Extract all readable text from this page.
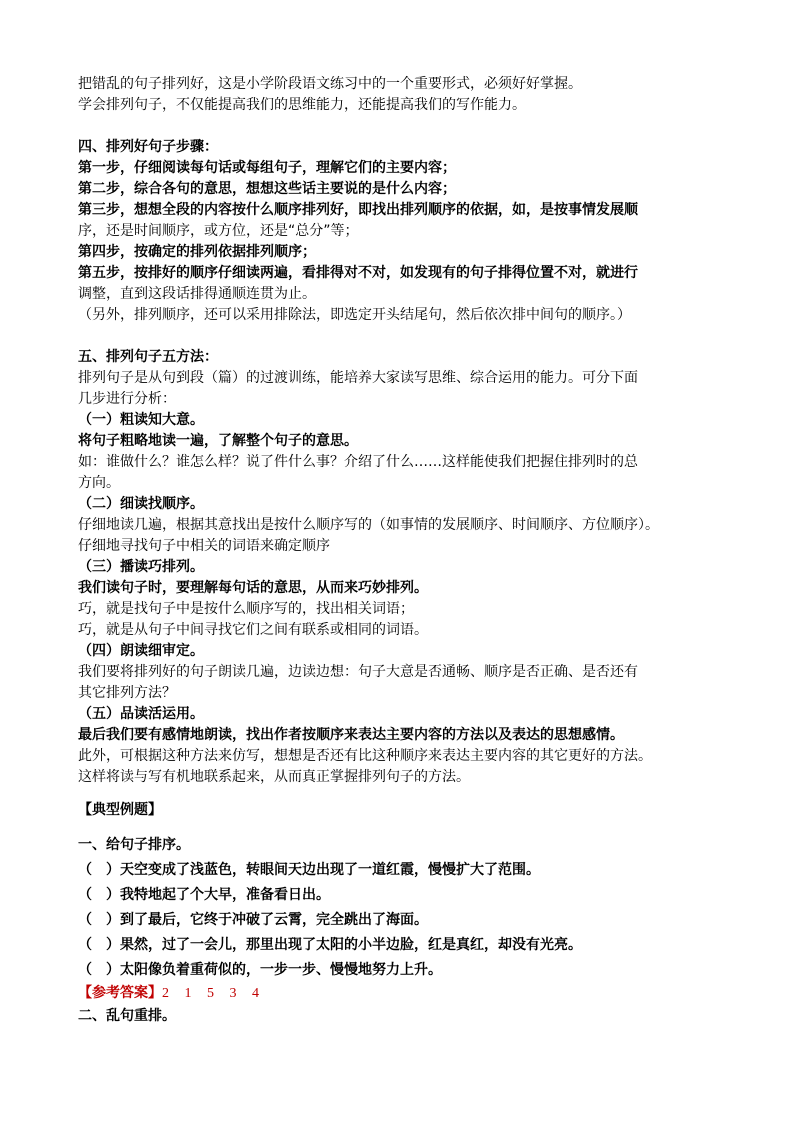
把错乱的句子排列好，这是小学阶段语文练习中的一个重要形式，必须好好掌握。
学会排列句子，不仅能提高我们的思维能力，还能提高我们的写作能力。
四、排列好句子步骤：
第一步，仔细阅读每句话或每组句子，理解它们的主要内容；
第二步，综合各句的意思，想想这些话主要说的是什么内容；
第三步，想想全段的内容按什么顺序排列好，即找出排列顺序的依据，如，是按事情发展顺
序，还是时间顺序，或方位，还是“总分”等；
第四步，按确定的排列依据排列顺序；
第五步，按排好的顺序仔细读两遍，看排得对不对，如发现有的句子排得位置不对，就进行
调整，直到这段话排得通顺连贯为止。
（另外，排列顺序，还可以采用排除法，即选定开头结尾句，然后依次排中间句的顺序。）
五、排列句子五方法：
排列句子是从句到段（篇）的过渡训练，能培养大家读写思维、综合运用的能力。可分下面
几步进行分析：
（一）粗读知大意。
将句子粗略地读一遍，了解整个句子的意思。
如：谁做什么？谁怎么样？说了件什么事？介绍了什么……这样能使我们把握住排列时的总
方向。
（二）细读找顺序。
仔细地读几遍，根据其意找出是按什么顺序写的（如事情的发展顺序、时间顺序、方位顺序）。
仔细地寻找句子中相关的词语来确定顺序
（三）播读巧排列。
我们读句子时，要理解每句话的意思，从而来巧妙排列。
巧，就是找句子中是按什么顺序写的，找出相关词语；
巧，就是从句子中间寻找它们之间有联系或相同的词语。
（四）朗读细审定。
我们要将排列好的句子朗读几遍，边读边想：句子大意是否通畅、顺序是否正确、是否还有
其它排列方法？
（五）品读活运用。
最后我们要有感情地朗读，找出作者按顺序来表达主要内容的方法以及表达的思想感情。
此外，可根据这种方法来仿写，想想是否还有比这种顺序来表达主要内容的其它更好的方法。
这样将读与写有机地联系起来，从而真正掌握排列句子的方法。
【典型例题】
一、给句子排序。
（　）天空变成了浅蓝色，转眼间天边出现了一道红霞，慢慢扩大了范围。
（　）我特地起了个大早，准备看日出。
（　）到了最后，它终于冲破了云霄，完全跳出了海面。
（　）果然，过了一会儿，那里出现了太阳的小半边脸，红是真红，却没有光亮。
（　）太阳像负着重荷似的，一步一步、慢慢地努力上升。
【参考答案】2 1 5 3 4
二、乱句重排。
